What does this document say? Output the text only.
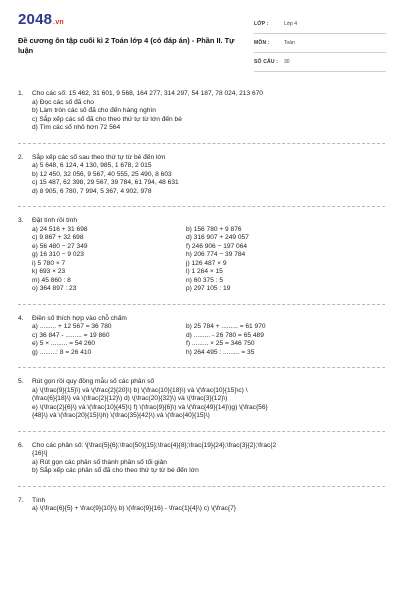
2048.vn
Đề cương ôn tập cuối kì 2 Toán lớp 4 (có đáp án) - Phần II. Tự luận
LỚP :	Lớp 4
MÔN :	Toán
SỐ CÂU :	30
1.	Cho các số: 15 462, 31 601, 9 568, 164 277, 314 297, 54 187, 78 024, 213 670
a) Đọc các số đã cho
b) Làm tròn các số đã cho đến hàng nghìn
c) Sắp xếp các số đã cho theo thứ tự từ lớn đến bé
d) Tìm các số nhỏ hơn 72 564
2.	Sắp xếp các số sau theo thứ tự từ bé đến lớn
a) 5 648, 6 124, 4 130, 985, 1 678, 2 015
b) 12 450, 32 056, 9 567, 40 555, 25 490, 8 603
c) 15 487, 62 398, 29 567, 39 784, 61 794, 48 631
d) 8 905, 6 780, 7 994, 5 367, 4 902, 978
3.	Đặt tính rồi tính
a) 24 516 + 31 698	b) 156 780 + 9 876
c) 9 867 + 32 698	d) 316 907 + 249 057
e) 56 480 − 27 349	f) 246 906 − 197 064
g) 16 310 − 9 023	h) 206 774 − 39 784
i) 5 780 × 7	j) 126 487 × 9
k) 693 × 23	l) 1 264 × 15
m) 45 860 : 8	n) 60 375 : 5
o) 364 897 : 23	p) 297 105 : 19
4.	Điền số thích hợp vào chỗ chấm
a) ......... + 12 567 = 36 780	b) 25 784 + ......... = 61 970
c) 36 847 - ......... = 19 860	d) ......... - 26 780 = 65 489
e) 5 × ......... = 54 260	f) ......... × 25 = 346 750
g) .........: 8 = 26 410	h) 264 495 : ......... = 35
5.	Rút gọn rồi quy đồng mẫu số các phân số
a) \(\frac{9}{15}\) và \(\frac{2}{20}\) b) \(\frac{10}{18}\) và \(\frac{10}{15}\c) \
(\frac{6}{18}\) và \(\frac{2}{12}\) d) \(\frac{20}{32}\) và \(\frac{3}{12}\)
e) \(\frac{2}{6}\) và \(\frac{10}{45}\) f) \(\frac{9}{6}\) và \(\frac{49}{14}\)g) \(\frac{56}
{48}\) và \(\frac{20}{15}\)h) \(\frac{35}{42}\) và \(\frac{40}{15}\)
6.	Cho các phân số: \[\frac{5}{6};\frac{50}{15};\frac{4}{8};\frac{19}{24};\frac{3}{2};\frac{2
{16}\]
a) Rút gọn các phân số thành phân số tối giản
b) Sắp xếp các phân số đã cho theo thứ tự từ bé đến lớn
7.	Tính
a) \(\frac{6}{5} + \frac{9}{10}\) b) \(\frac{9}{16} - \frac{1}{4}\) c) \(\frac{7}
